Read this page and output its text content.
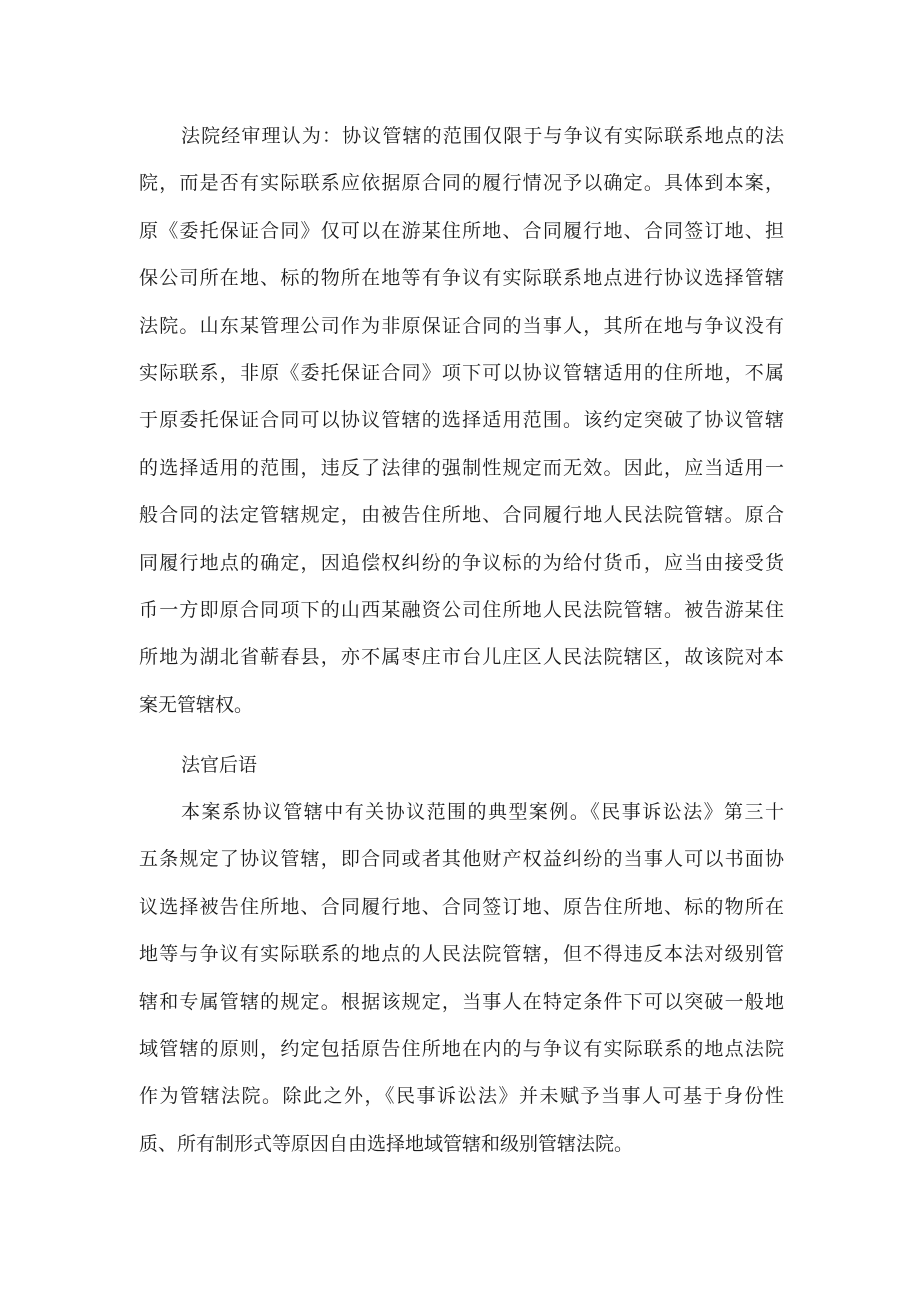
法院经审理认为：协议管辖的范围仅限于与争议有实际联系地点的法
院，而是否有实际联系应依据原合同的履行情况予以确定。具体到本案，
原《委托保证合同》仅可以在游某住所地、合同履行地、合同签订地、担
保公司所在地、标的物所在地等有争议有实际联系地点进行协议选择管辖
法院。山东某管理公司作为非原保证合同的当事人，其所在地与争议没有
实际联系，非原《委托保证合同》项下可以协议管辖适用的住所地，不属
于原委托保证合同可以协议管辖的选择适用范围。该约定突破了协议管辖
的选择适用的范围，违反了法律的强制性规定而无效。因此，应当适用一
般合同的法定管辖规定，由被告住所地、合同履行地人民法院管辖。原合
同履行地点的确定，因追偿权纠纷的争议标的为给付货币，应当由接受货
币一方即原合同项下的山西某融资公司住所地人民法院管辖。被告游某住
所地为湖北省蕲春县，亦不属枣庄市台儿庄区人民法院辖区，故该院对本
案无管辖权。
法官后语
本案系协议管辖中有关协议范围的典型案例。《民事诉讼法》第三十
五条规定了协议管辖，即合同或者其他财产权益纠纷的当事人可以书面协
议选择被告住所地、合同履行地、合同签订地、原告住所地、标的物所在
地等与争议有实际联系的地点的人民法院管辖，但不得违反本法对级别管
辖和专属管辖的规定。根据该规定，当事人在特定条件下可以突破一般地
域管辖的原则，约定包括原告住所地在内的与争议有实际联系的地点法院
作为管辖法院。除此之外，《民事诉讼法》并未赋予当事人可基于身份性
质、所有制形式等原因自由选择地域管辖和级别管辖法院。
